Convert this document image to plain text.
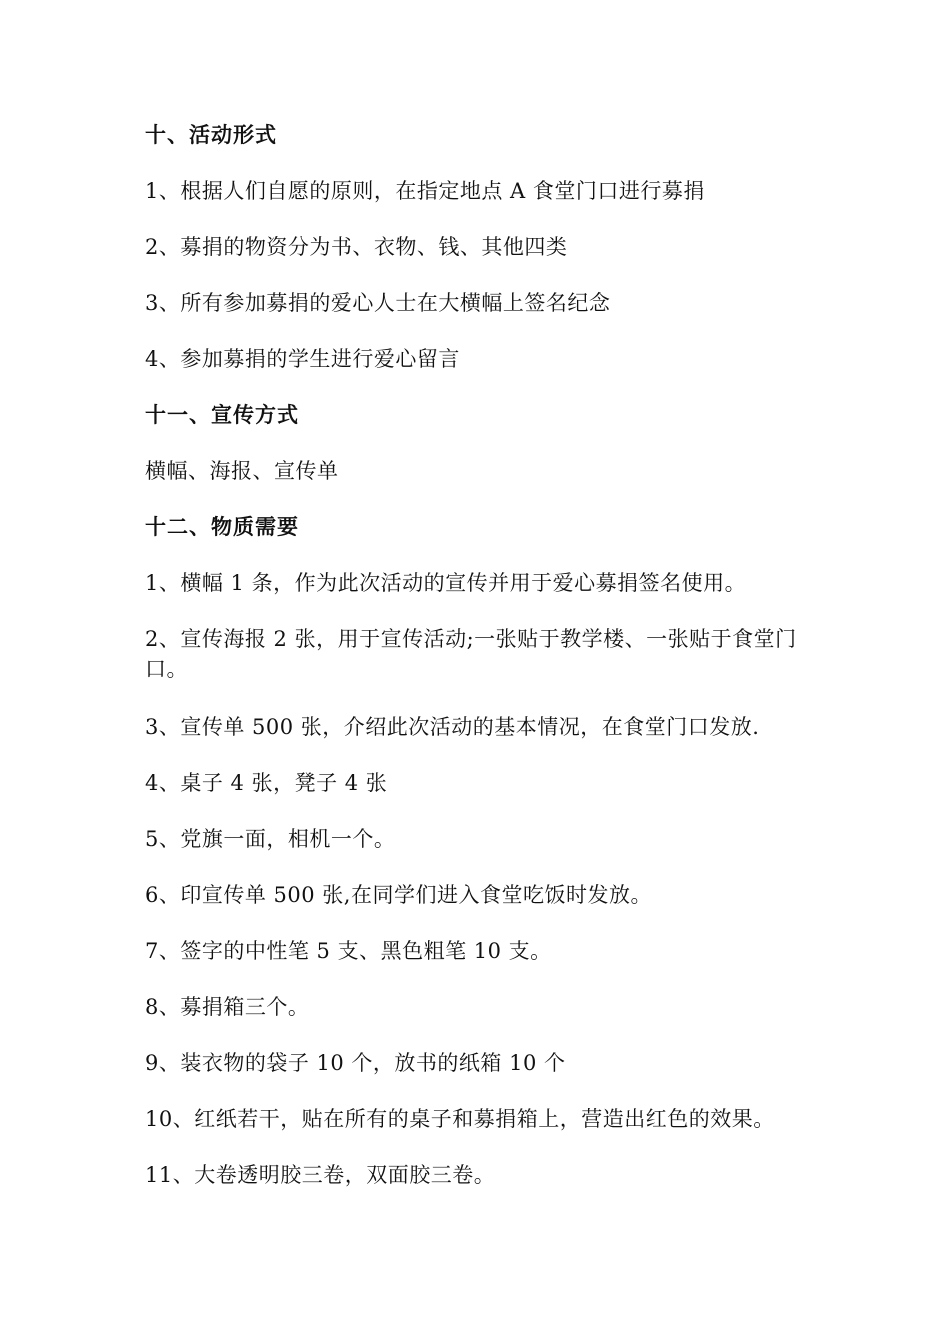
十、活动形式
1、根据人们自愿的原则，在指定地点 A 食堂门口进行募捐
2、募捐的物资分为书、衣物、钱、其他四类
3、所有参加募捐的爱心人士在大横幅上签名纪念
4、参加募捐的学生进行爱心留言
十一、宣传方式
横幅、海报、宣传单
十二、物质需要
1、横幅 1 条，作为此次活动的宣传并用于爱心募捐签名使用。
2、宣传海报 2 张，用于宣传活动;一张贴于教学楼、一张贴于食堂门口。
3、宣传单 500 张，介绍此次活动的基本情况，在食堂门口发放.
4、桌子 4 张，凳子 4 张
5、党旗一面，相机一个。
6、印宣传单 500 张,在同学们进入食堂吃饭时发放。
7、签字的中性笔 5 支、黑色粗笔 10 支。
8、募捐箱三个。
9、装衣物的袋子 10 个，放书的纸箱 10 个
10、红纸若干，贴在所有的桌子和募捐箱上，营造出红色的效果。
11、大卷透明胶三卷，双面胶三卷。
